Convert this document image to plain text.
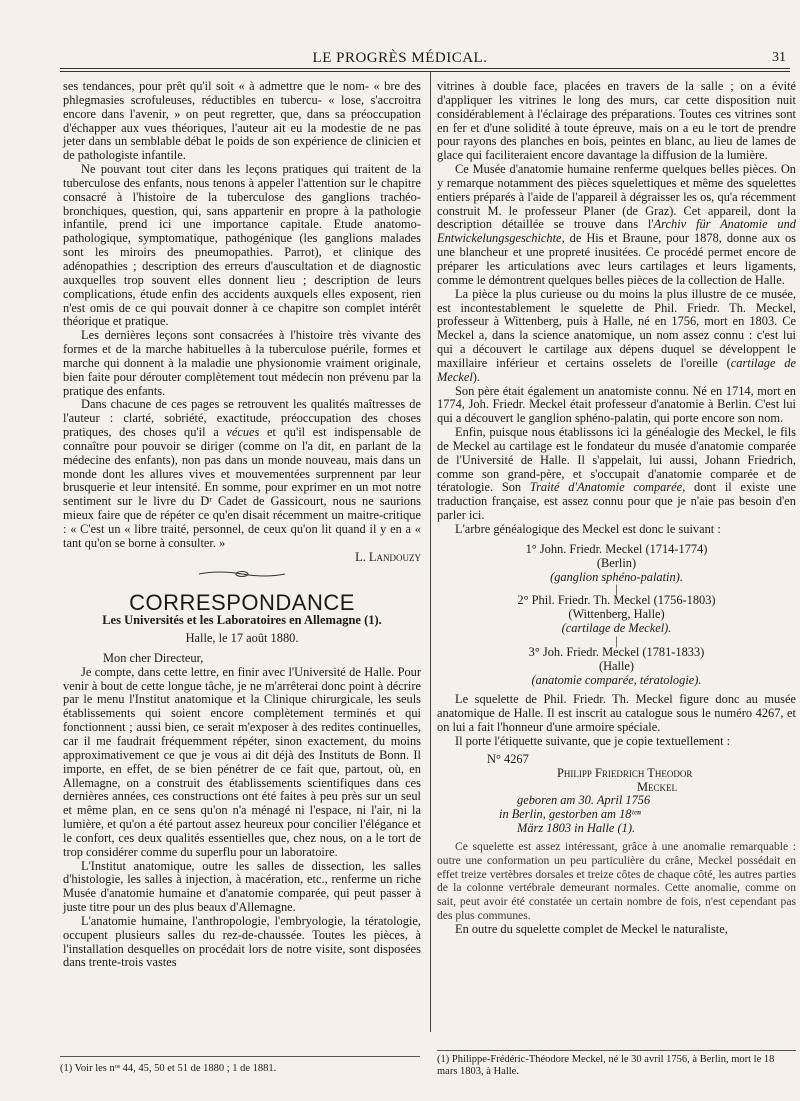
LE PROGRÈS MÉDICAL.	31

ses tendances, pour prêt qu'il soit « à admettre que le nom- « bre des phlegmasies scrofuleuses, réductibles en tubercu- « lose, s'accroitra encore dans l'avenir, » on peut regretter, que, dans sa préoccupation d'échapper aux vues théoriques, l'auteur ait eu la modestie de ne pas jeter dans un semblable débat le poids de son expérience de clinicien et de pathologiste infantile.

Ne pouvant tout citer dans les leçons pratiques qui traitent de la tuberculose des enfants, nous tenons à appeler l'attention sur le chapitre consacré à l'histoire de la tuberculose des ganglions trachéo-bronchiques, question, qui, sans appartenir en propre à la pathologie infantile, prend ici une importance capitale. Etude anatomo-pathologique, symptomatique, pathogénique (les ganglions malades sont les miroirs des pneumopathies. Parrot), et clinique des adénopathies ; description des erreurs d'auscultation et de diagnostic auxquelles trop souvent elles donnent lieu ; description de leurs complications, étude enfin des accidents auxquels elles exposent, rien n'est omis de ce qui pouvait donner à ce chapitre son complet intérêt théorique et pratique.

Les dernières leçons sont consacrées à l'histoire très vivante des formes et de la marche habituelles à la tuberculose puérile, formes et marche qui donnent à la maladie une physionomie vraiment originale, bien faite pour dérouter complètement tout médecin non prévenu par la pratique des enfants.

Dans chacune de ces pages se retrouvent les qualités maîtresses de l'auteur : clarté, sobriété, exactitude, préoccupation des choses pratiques, des choses qu'il a vécues et qu'il est indispensable de connaître pour pouvoir se diriger (comme on l'a dit, en parlant de la médecine des enfants), non pas dans un monde nouveau, mais dans un monde dont les allures vives et mouvementées surprennent par leur brusquerie et leur intensité. En somme, pour exprimer en un mot notre sentiment sur le livre du Dʳ Cadet de Gassicourt, nous ne saurions mieux faire que de répéter ce qu'en disait récemment un maitre-critique : « C'est un « libre traité, personnel, de ceux qu'on lit quand il y en a « tant qu'on se borne à consulter. »

L. Landouzy
CORRESPONDANCE
Les Universités et les Laboratoires en Allemagne (1).
Halle, le 17 août 1880.

Mon cher Directeur,

Je compte, dans cette lettre, en finir avec l'Université de Halle. Pour venir à bout de cette longue tâche, je ne m'arrêterai donc point à décrire par le menu l'Institut anatomique et la Clinique chirurgicale, les seuls établissements qui soient encore complètement terminés et qui fonctionnent ; aussi bien, ce serait m'exposer à des redites continuelles, car il me faudrait fréquemment répéter, sinon exactement, du moins approximativement ce que je vous ai dit déjà des Instituts de Bonn. Il importe, en effet, de se bien pénétrer de ce fait que, partout, où, en Allemagne, on a construit des établissements scientifiques dans ces dernières années, ces constructions ont été faites à peu près sur un seul et même plan, en ce sens qu'on n'a ménagé ni l'espace, ni l'air, ni la lumière, et qu'on a été partout assez heureux pour concilier l'élégance et le confort, ces deux qualités essentielles que, chez nous, on a le tort de trop considérer comme du superflu pour un laboratoire.

L'Institut anatomique, outre les salles de dissection, les salles d'histologie, les salles à injection, à macération, etc., renferme un riche Musée d'anatomie humaine et d'anatomie comparée, qui peut passer à juste titre pour un des plus beaux d'Allemagne.

L'anatomie humaine, l'anthropologie, l'embryologie, la tératologie, occupent plusieurs salles du rez-de-chaussée. Toutes les pièces, à l'installation desquelles on procédait lors de notre visite, sont disposées dans trente-trois vastes

(1) Voir les nᵒˢ 44, 45, 50 et 51 de 1880 ; 1 de 1881.

vitrines à double face, placées en travers de la salle ; on a évité d'appliquer les vitrines le long des murs, car cette disposition nuit considérablement à l'éclairage des préparations. Toutes ces vitrines sont en fer et d'une solidité à toute épreuve, mais on a eu le tort de prendre pour rayons des planches en bois, peintes en blanc, au lieu de lames de glace qui faciliteraient encore davantage la diffusion de la lumière.

Ce Musée d'anatomie humaine renferme quelques belles pièces. On y remarque notamment des pièces squelettiques et même des squelettes entiers préparés à l'aide de l'appareil à dégraisser les os, qu'a récemment construit M. le professeur Planer (de Graz). Cet appareil, dont la description détaillée se trouve dans l'Archiv für Anatomie und Entwickelungsgeschichte, de His et Braune, pour 1878, donne aux os une blancheur et une propreté inusitées. Ce procédé permet encore de préparer les articulations avec leurs cartilages et leurs ligaments, comme le démontrent quelques belles pièces de la collection de Halle.

La pièce la plus curieuse ou du moins la plus illustre de ce musée, est incontestablement le squelette de Phil. Friedr. Th. Meckel, professeur à Wittenberg, puis à Halle, né en 1756, mort en 1803. Ce Meckel a, dans la science anatomique, un nom assez connu : c'est lui qui a découvert le cartilage aux dépens duquel se développent le maxillaire inférieur et certains osselets de l'oreille (cartilage de Meckel).

Son père était également un anatomiste connu. Né en 1714, mort en 1774, Joh. Friedr. Meckel était professeur d'anatomie à Berlin. C'est lui qui a découvert le ganglion sphéno-palatin, qui porte encore son nom.

Enfin, puisque nous établissons ici la généalogie des Meckel, le fils de Meckel au cartilage est le fondateur du musée d'anatomie comparée de l'Université de Halle. Il s'appelait, lui aussi, Johann Friedrich, comme son grand-père, et s'occupait d'anatomie comparée et de tératologie. Son Traité d'Anatomie comparée, dont il existe une traduction française, est assez connu pour que je n'aie pas besoin d'en parler ici.

L'arbre généalogique des Meckel est donc le suivant :

1° John. Friedr. Meckel (1714-1774)
(Berlin)
(ganglion sphéno-palatin).
|
2° Phil. Friedr. Th. Meckel (1756-1803)
(Wittenberg, Halle)
(cartilage de Meckel).
|
3° Joh. Friedr. Meckel (1781-1833)
(Halle)
(anatomie comparée, tératologie).

Le squelette de Phil. Friedr. Th. Meckel figure donc au musée anatomique de Halle. Il est inscrit au catalogue sous le numéro 4267, et on lui a fait l'honneur d'une armoire spéciale.

Il porte l'étiquette suivante, que je copie textuellement :

N° 4267
Philipp Friedrich Theodor
Meckel
geboren am 30. April 1756
in Berlin, gestorben am 18ᵗᵉⁿ
März 1803 in Halle (1).

Ce squelette est assez intéressant, grâce à une anomalie remarquable : outre une conformation un peu particulière du crâne, Meckel possédait en effet treize vertèbres dorsales et treize côtes de chaque côté, les autres parties de la colonne vertébrale demeurant normales. Cette anomalie, comme on sait, peut avoir été constatée un certain nombre de fois, n'est cependant pas des plus communes.

En outre du squelette complet de Meckel le naturaliste,

(1) Philippe-Frédéric-Théodore Meckel, né le 30 avril 1756, à Berlin, mort le 18 mars 1803, à Halle.
